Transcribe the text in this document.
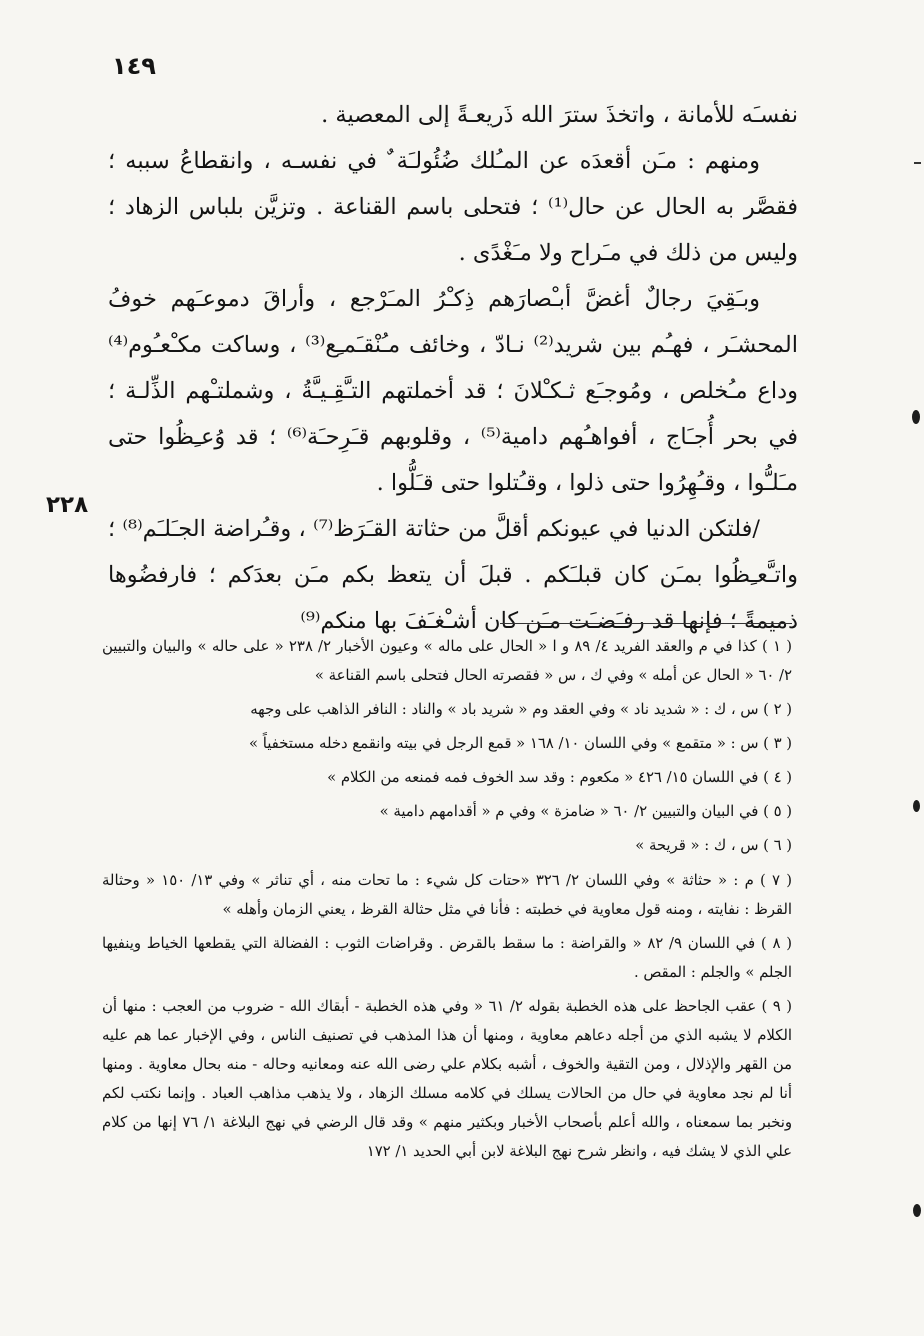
١٤٩

نفسـَه للأمانة ، واتخذَ سترَ الله ذَريعـةً إلى المعصية .

ومنهم : مـَن أقعدَه عن المـُلك ضُئُولـَة ٌ في نفسـه ، وانقطاعُ سببه ؛ فقصَّر به الحال عن حال⁽¹⁾ ؛ فتحلى باسم القناعة . وتزيَّن بلباس الزهاد ؛ وليس من ذلك في مـَراح ولا مـَغْدًى .

وبـَقِيَ رجالٌ أغضَّ أبـْصارَهم ذِكـْرُ المـَرْجع ، وأراقَ دموعـَهم خوفُ المحشـَر ، فهـُم بين شريد⁽²⁾ نـادّ ، وخائف مـُنْقـَمـِع⁽³⁾ ، وساكت مكـْعـُوم⁽⁴⁾ وداع مـُخلص ، ومُوجـَع ثـكـْلانَ ؛ قد أخملتهم التـَّقِـيـَّةُ ، وشملتـْهم الذِّلـة ؛ في بحر أُجـَاج ، أفواهـُهم دامية⁽⁵⁾ ، وقلوبهم قـَرِحـَة⁽⁶⁾ ؛ قد وُعـِظُوا حتى مـَلـُّوا ، وقـُهِرُوا حتى ذلوا ، وقـُتلوا حتى قـَلُّوا .

/فلتكن الدنيا في عيونكم أقلَّ من حثاتة القـَرَظ⁽⁷⁾ ، وقـُراضة الجـَلـَم⁽⁸⁾ ؛ واتـَّعـِظُوا بمـَن كان قبلـَكم . قبلَ أن يتعظ بكم مـَن بعدَكم ؛ فارفضُوها ذميمةً ؛ فإنها قد رفـَضـَت مـَن كان أشـْغـَفَ بها منكم⁽⁹⁾

٢٢٨

( ١ ) كذا في م والعقد الفريد ٤/ ٨٩ و ا « الحال على ماله » وعيون الأخبار ٢/ ٢٣٨ « على حاله » والبيان والتبيين ٢/ ٦٠ « الحال عن أمله » وفي ك ، س « فقصرته الحال فتحلى باسم القناعة »

( ٢ ) س ، ك : « شديد ناد » وفي العقد وم « شريد باد » والناد : النافر الذاهب على وجهه

( ٣ ) س : « متقمع » وفي اللسان ١٠/ ١٦٨ « قمع الرجل في بيته وانقمع دخله مستخفياً »

( ٤ ) في اللسان ١٥/ ٤٢٦ « مكعوم : وقد سد الخوف فمه فمنعه من الكلام »

( ٥ ) في البيان والتبيين ٢/ ٦٠ « ضامزة » وفي م « أقدامهم دامية »

( ٦ ) س ، ك : « قريحة »

( ٧ ) م : « حثاثة » وفي اللسان ٢/ ٣٢٦ «حتات كل شيء : ما تحات منه ، أي تناثر » وفي ١٣/ ١٥٠ « وحثالة القرظ : نفايته ، ومنه قول معاوية في خطبته : فأنا في مثل حثالة القرظ ، يعني الزمان وأهله »

( ٨ ) في اللسان ٩/ ٨٢ « والقراضة : ما سقط بالقرض . وقراضات الثوب : الفضالة التي يقطعها الخياط وينفيها الجلم » والجلم : المقص .

( ٩ ) عقب الجاحظ على هذه الخطبة بقوله ٢/ ٦١ « وفي هذه الخطبة - أبقاك الله - ضروب من العجب : منها أن الكلام لا يشبه الذي من أجله دعاهم معاوية ، ومنها أن هذا المذهب في تصنيف الناس ، وفي الإخبار عما هم عليه من القهر والإذلال ، ومن التقية والخوف ، أشبه بكلام علي رضى الله عنه ومعانيه وحاله - منه بحال معاوية . ومنها أنا لم نجد معاوية في حال من الحالات يسلك في كلامه مسلك الزهاد ، ولا يذهب مذاهب العباد . وإنما نكتب لكم ونخبر بما سمعناه ، والله أعلم بأصحاب الأخبار وبكثير منهم » وقد قال الرضي في نهج البلاغة ١/ ٧٦ إنها من كلام علي الذي لا يشك فيه ، وانظر شرح نهج البلاغة لابن أبي الحديد ١/ ١٧٢
